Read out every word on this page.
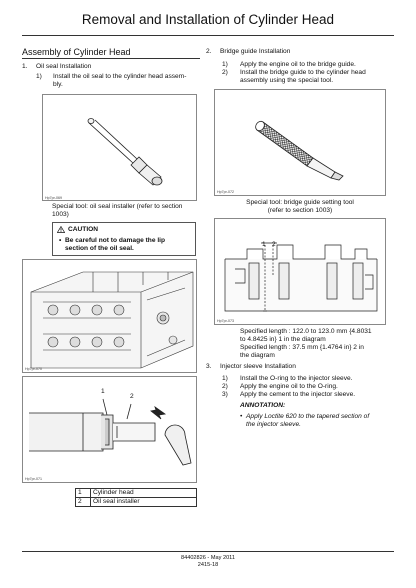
Removal and Installation of Cylinder Head
Assembly of Cylinder Head
1. Oil seal Installation
1) Install the oil seal to the cylinder head assem-
bly.
Hp7pr-069
Special tool: oil seal installer (refer to section
1003)
CAUTION
• Be careful not to damage the lip
section of the oil seal.
Hp7pr-070
1
2
Hp7pr-071
1	Cylinder head
2	Oil seal installer
2. Bridge guide Installation
1) Apply the engine oil to the bridge guide.
2) Install the bridge guide to the cylinder head
assembly using the special tool.
Hp7pr-072
Special tool: bridge guide setting tool
(refer to section 1003)
1 2
Hp7pr-073
Specified length : 122.0 to 123.0 mm {4.8031
to 4.8425 in} 1 in the diagram
Specified length : 37.5 mm {1.4764 in} 2 in
the diagram
3. Injector sleeve Installation
1) Install the O-ring to the injector sleeve.
2) Apply the engine oil to the O-ring.
3) Apply the cement to the injector sleeve.
ANNOTATION:
• Apply Loctite 620 to the tapered section of
the injector sleeve.
84402826 - May 2011
2415-18
